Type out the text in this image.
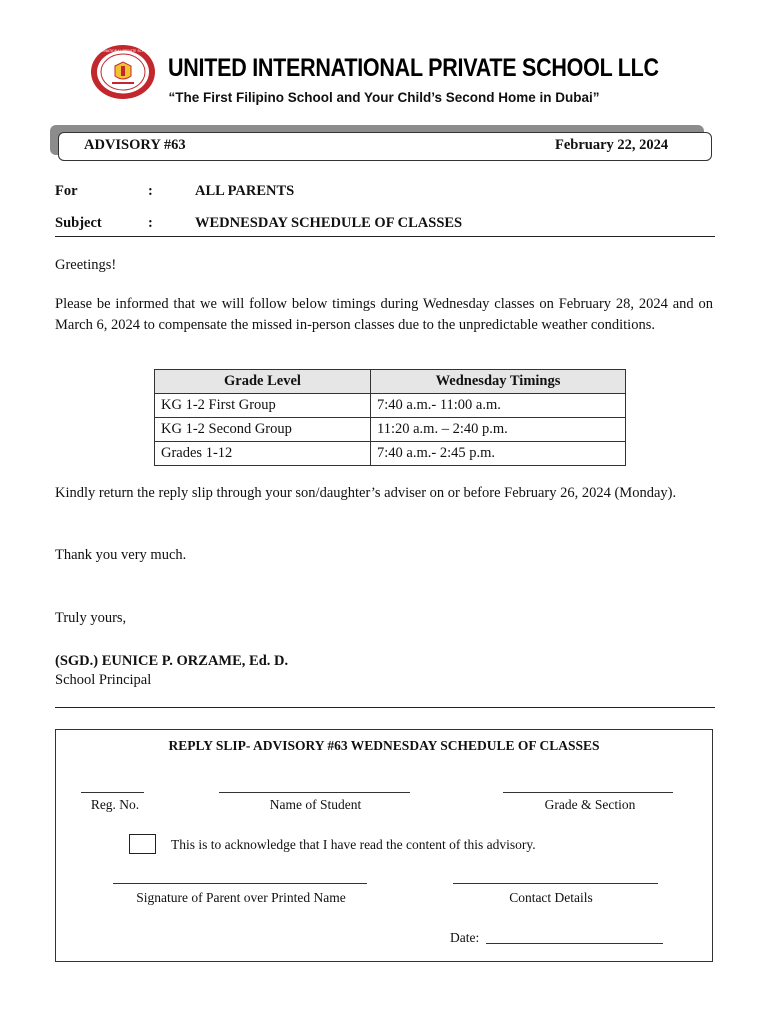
UNITED INTERNATIONAL PRIVATE SCHOOL · DUBAI
UNITED INTERNATIONAL PRIVATE SCHOOL LLC
“The First Filipino School and Your Child’s Second Home in Dubai”
ADVISORY #63	February 22, 2024
For	:	ALL PARENTS
Subject	:	WEDNESDAY SCHEDULE OF CLASSES
Greetings!
Please be informed that we will follow below timings during Wednesday classes on February 28, 2024 and on March 6, 2024 to compensate the missed in-person classes due to the unpredictable weather conditions.
Grade Level	Wednesday Timings
KG 1-2 First Group	7:40 a.m.- 11:00 a.m.
KG 1-2 Second Group	11:20 a.m. – 2:40 p.m.
Grades 1-12	7:40 a.m.- 2:45 p.m.
Kindly return the reply slip through your son/daughter’s adviser on or before February 26, 2024 (Monday).
Thank you very much.
Truly yours,
(SGD.) EUNICE P. ORZAME, Ed. D.
School Principal
REPLY SLIP- ADVISORY #63 WEDNESDAY SCHEDULE OF CLASSES
Reg. No.	Name of Student	Grade & Section
This is to acknowledge that I have read the content of this advisory.
Signature of Parent over Printed Name	Contact Details
Date:
